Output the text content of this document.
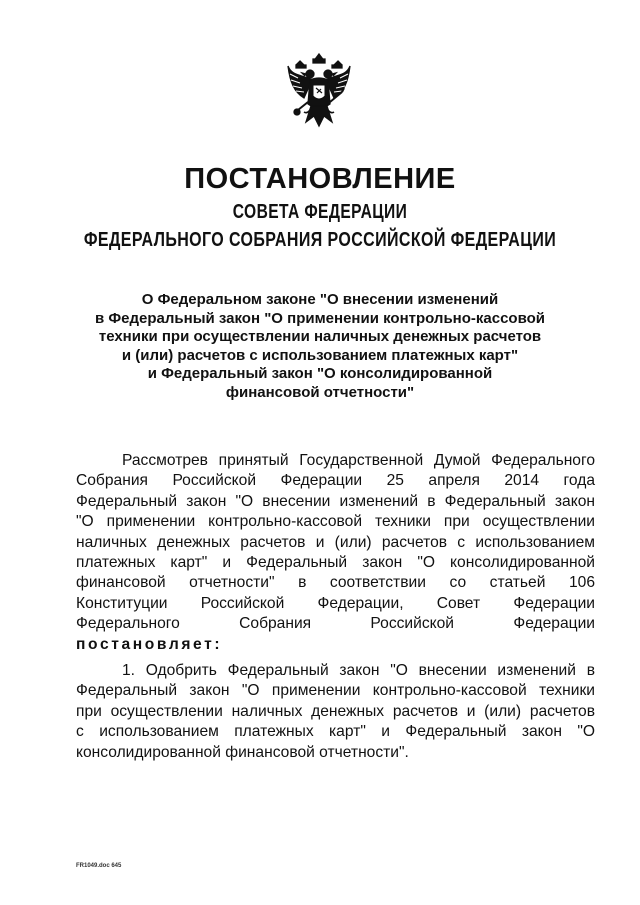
ПОСТАНОВЛЕНИЕ
СОВЕТА ФЕДЕРАЦИИ
ФЕДЕРАЛЬНОГО СОБРАНИЯ РОССИЙСКОЙ ФЕДЕРАЦИИ
О Федеральном законе "О внесении изменений
в Федеральный закон "О применении контрольно-кассовой
техники при осуществлении наличных денежных расчетов
и (или) расчетов с использованием платежных карт"
и Федеральный закон "О консолидированной
финансовой отчетности"
Рассмотрев принятый Государственной Думой Федерального
Собрания Российской Федерации 25 апреля 2014 года
Федеральный закон "О внесении изменений в Федеральный закон
"О применении контрольно-кассовой техники при осуществлении
наличных денежных расчетов и (или) расчетов с использованием
платежных карт" и Федеральный закон "О консолидированной
финансовой отчетности" в соответствии со статьей 106
Конституции Российской Федерации, Совет Федерации
Федерального Собрания Российской Федерации
постановляет:
1. Одобрить Федеральный закон "О внесении изменений в
Федеральный закон "О применении контрольно-кассовой техники
при осуществлении наличных денежных расчетов и (или) расчетов
с использованием платежных карт" и Федеральный закон "О
консолидированной финансовой отчетности".
FR1049.doc 645
